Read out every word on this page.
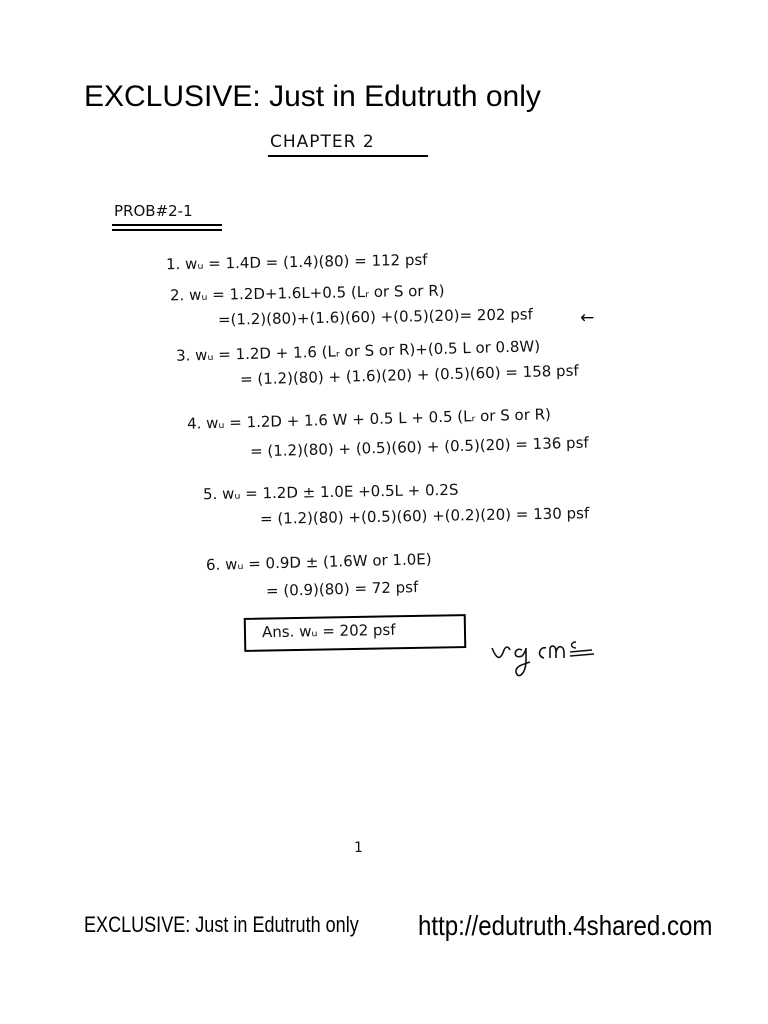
EXCLUSIVE: Just in Edutruth only
CHAPTER 2
PROB#2-1
1. wᵤ = 1.4D = (1.4)(80) = 112 psf
2. wᵤ = 1.2D+1.6L+0.5 (Lᵣ or S or R)
=(1.2)(80)+(1.6)(60) +(0.5)(20)= 202 psf	←
3. wᵤ = 1.2D + 1.6 (Lᵣ or S or R)+(0.5 L or 0.8W)
= (1.2)(80) + (1.6)(20) + (0.5)(60) = 158 psf
4. wᵤ = 1.2D + 1.6 W + 0.5 L + 0.5 (Lᵣ or S or R)
= (1.2)(80) + (0.5)(60) + (0.5)(20) = 136 psf
5. wᵤ = 1.2D ± 1.0E +0.5L + 0.2S
= (1.2)(80) +(0.5)(60) +(0.2)(20) = 130 psf
6. wᵤ = 0.9D ± (1.6W or 1.0E)
= (0.9)(80) = 72 psf
Ans. wᵤ = 202 psf
1
EXCLUSIVE: Just in Edutruth only http://edutruth.4shared.com
